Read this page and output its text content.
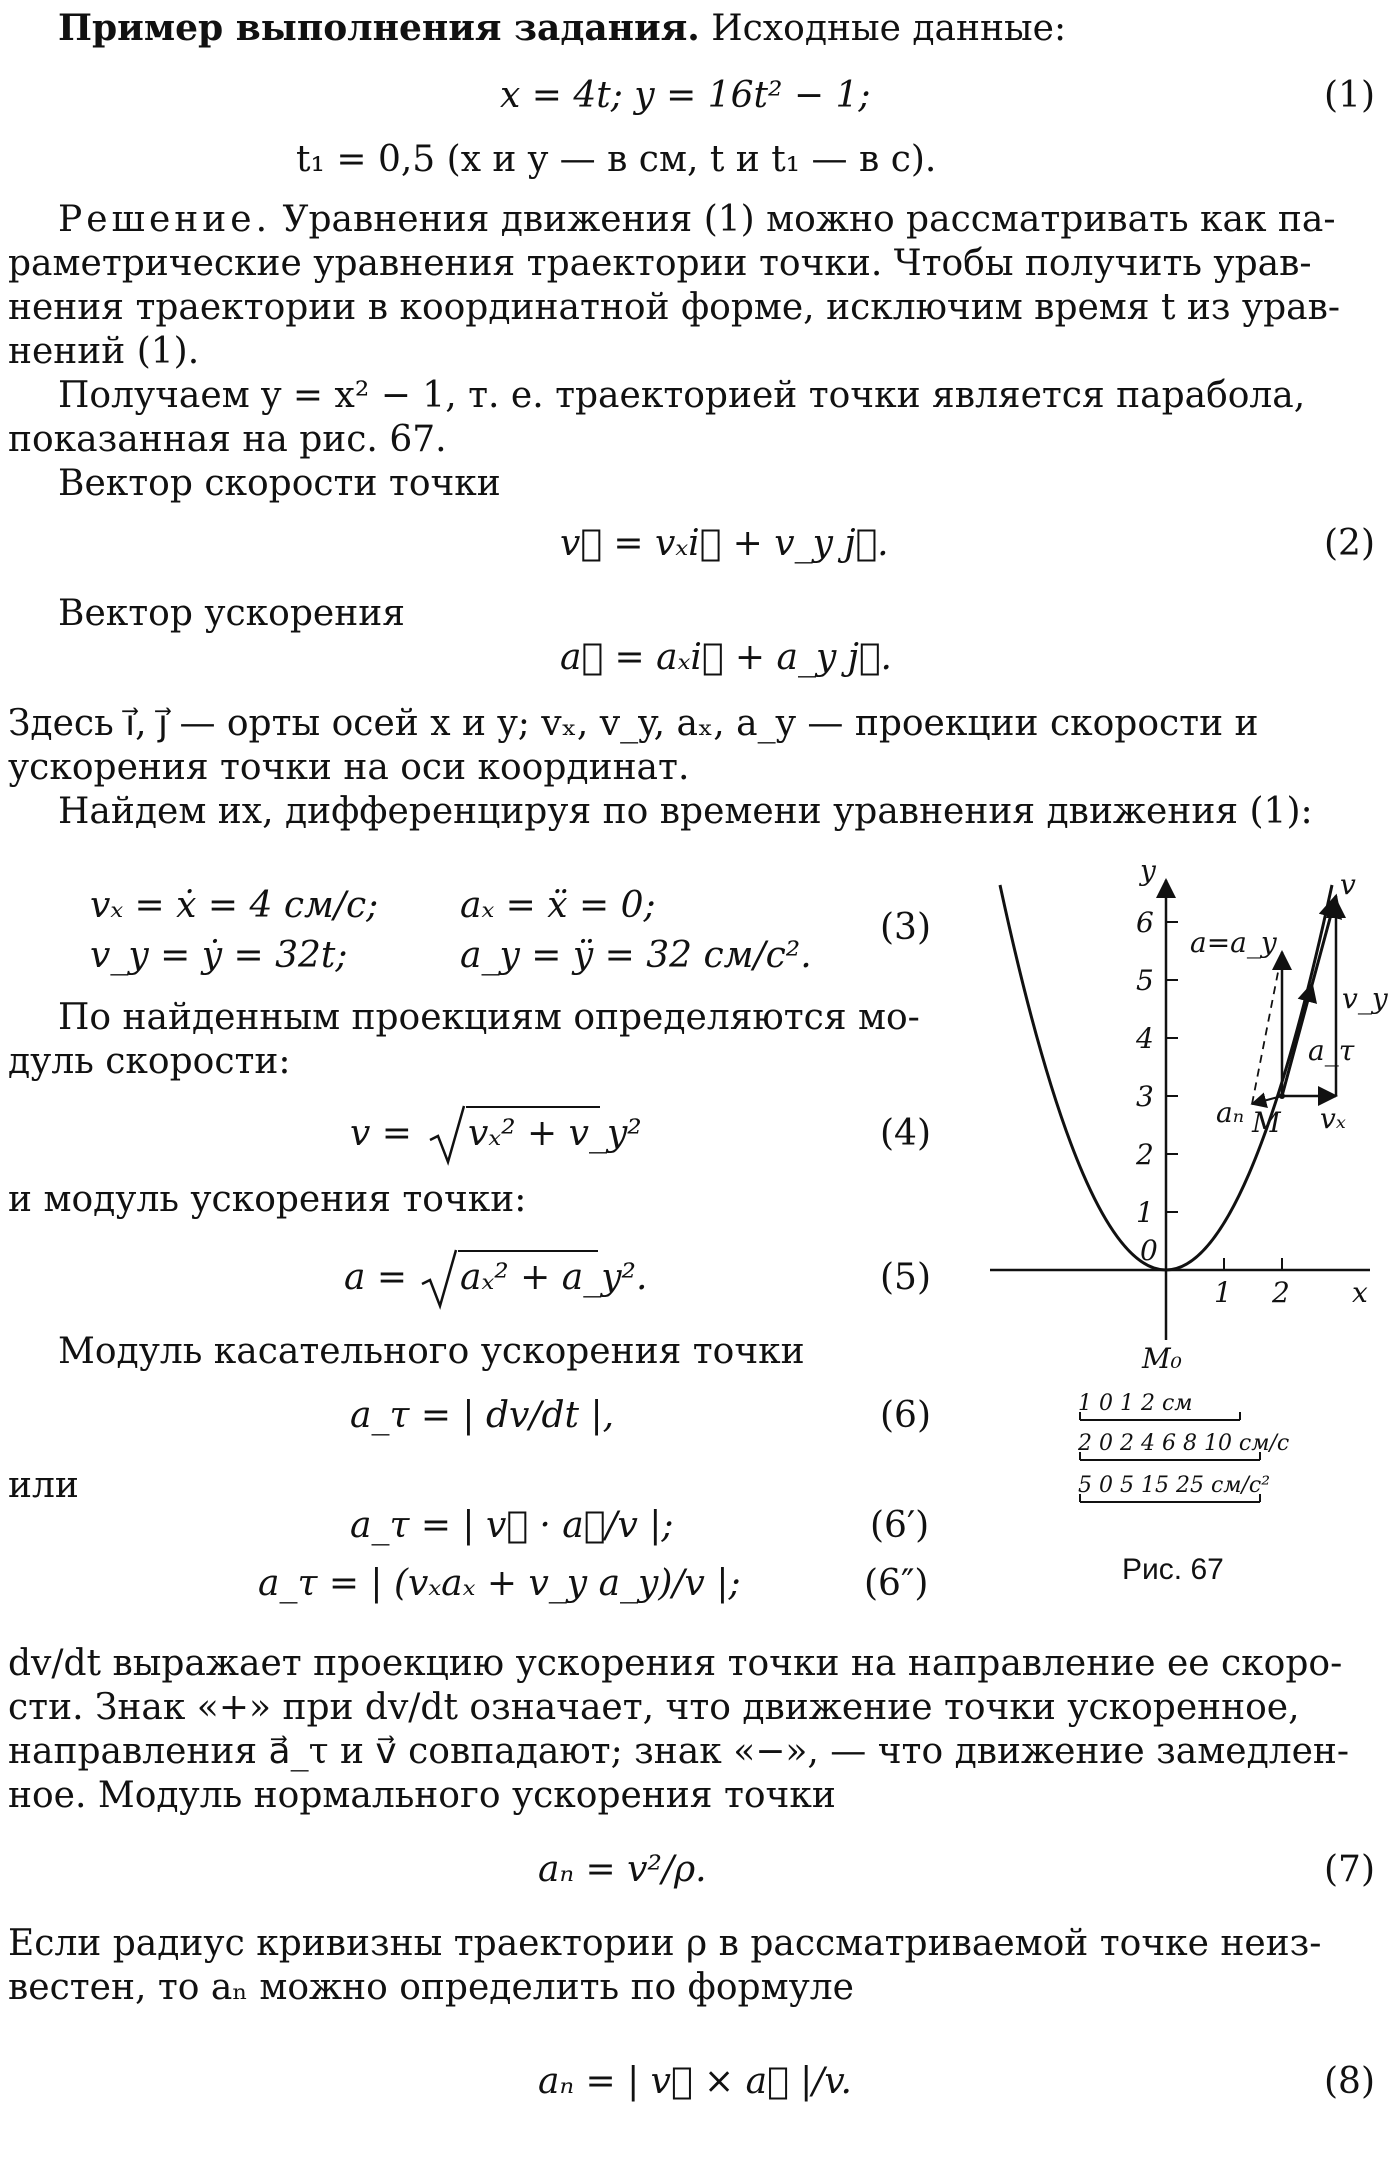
Пример выполнения задания. Исходные данные:
x = 4t; y = 16t² − 1;	(1)
t₁ = 0,5 (x и y — в см, t и t₁ — в с).
Решение. Уравнения движения (1) можно рассматривать как па-
раметрические уравнения траектории точки. Чтобы получить урав-
нения траектории в координатной форме, исключим время t из урав-
нений (1).
Получаем y = x² − 1, т. е. траекторией точки является парабола,
показанная на рис. 67.
Вектор скорости точки
v⃗ = vₓi⃗ + v_y j⃗.	(2)
Вектор ускорения
a⃗ = aₓi⃗ + a_y j⃗.
Здесь i⃗, j⃗ — орты осей x и y; vₓ, v_y, aₓ, a_y — проекции скорости и
ускорения точки на оси координат.
Найдем их, дифференцируя по времени уравнения движения (1):
vₓ = ẋ = 4 см/с; aₓ = ẍ = 0;
v_y = ẏ = 32t;	a_y = ÿ = 32 см/с².
(3)
По найденным проекциям определяются мо-
дуль скорости:
v = vₓ² + v_y²	(4)
и модуль ускорения точки:
a = aₓ² + a_y².	(5)
Модуль касательного ускорения точки
a_τ = | dv/dt |,	(6)
или
a_τ = | v⃗ · a⃗/v |;	(6′)
a_τ = | (vₓaₓ + v_y a_y)/v |;	(6″)
dv/dt выражает проекцию ускорения точки на направление ее скоро-
сти. Знак «+» при dv/dt означает, что движение точки ускоренное,
направления a⃗_τ и v⃗ совпадают; знак «−», — что движение замедлен-
ное. Модуль нормального ускорения точки
aₙ = v²/ρ.	(7)
Если радиус кривизны траектории ρ в рассматриваемой точке неиз-
вестен, то aₙ можно определить по формуле
aₙ = | v⃗ × a⃗ |/v.	(8)
y
x
6
5
4
3
2
1
0
1 2
M₀
M vₓ
v_y
v
a=a_y
a_τ
aₙ
1 0 1 2 см
2 0 2 4 6 8 10 см/с
5 0 5 15 25 см/с²
Рис. 67
